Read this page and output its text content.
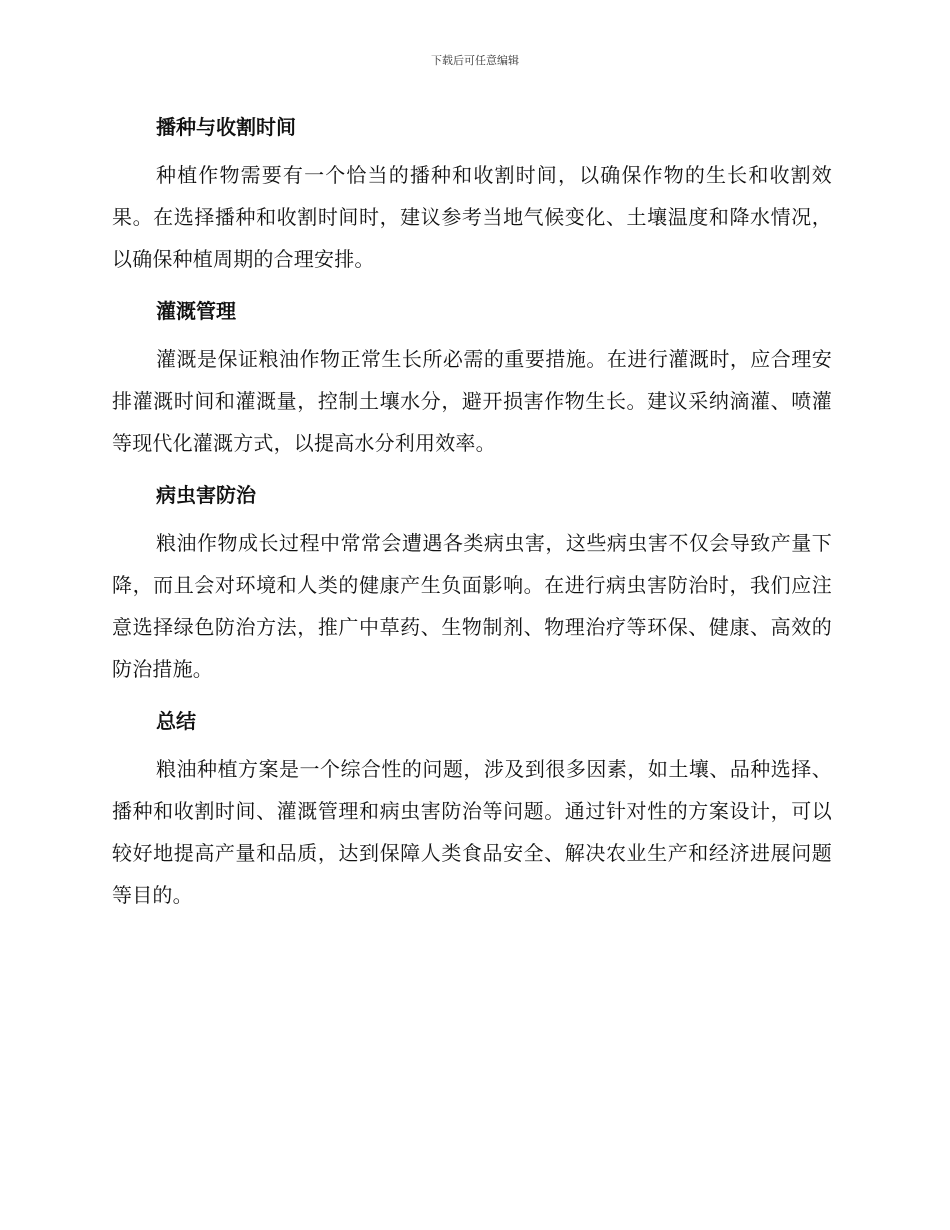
下载后可任意编辑
播种与收割时间

种植作物需要有一个恰当的播种和收割时间，以确保作物的生长和收割效果。在选择播种和收割时间时，建议参考当地气候变化、土壤温度和降水情况，以确保种植周期的合理安排。

灌溉管理

灌溉是保证粮油作物正常生长所必需的重要措施。在进行灌溉时，应合理安排灌溉时间和灌溉量，控制土壤水分，避开损害作物生长。建议采纳滴灌、喷灌等现代化灌溉方式，以提高水分利用效率。

病虫害防治

粮油作物成长过程中常常会遭遇各类病虫害，这些病虫害不仅会导致产量下降，而且会对环境和人类的健康产生负面影响。在进行病虫害防治时，我们应注意选择绿色防治方法，推广中草药、生物制剂、物理治疗等环保、健康、高效的防治措施。

总结

粮油种植方案是一个综合性的问题，涉及到很多因素，如土壤、品种选择、播种和收割时间、灌溉管理和病虫害防治等问题。通过针对性的方案设计，可以较好地提高产量和品质，达到保障人类食品安全、解决农业生产和经济进展问题等目的。
